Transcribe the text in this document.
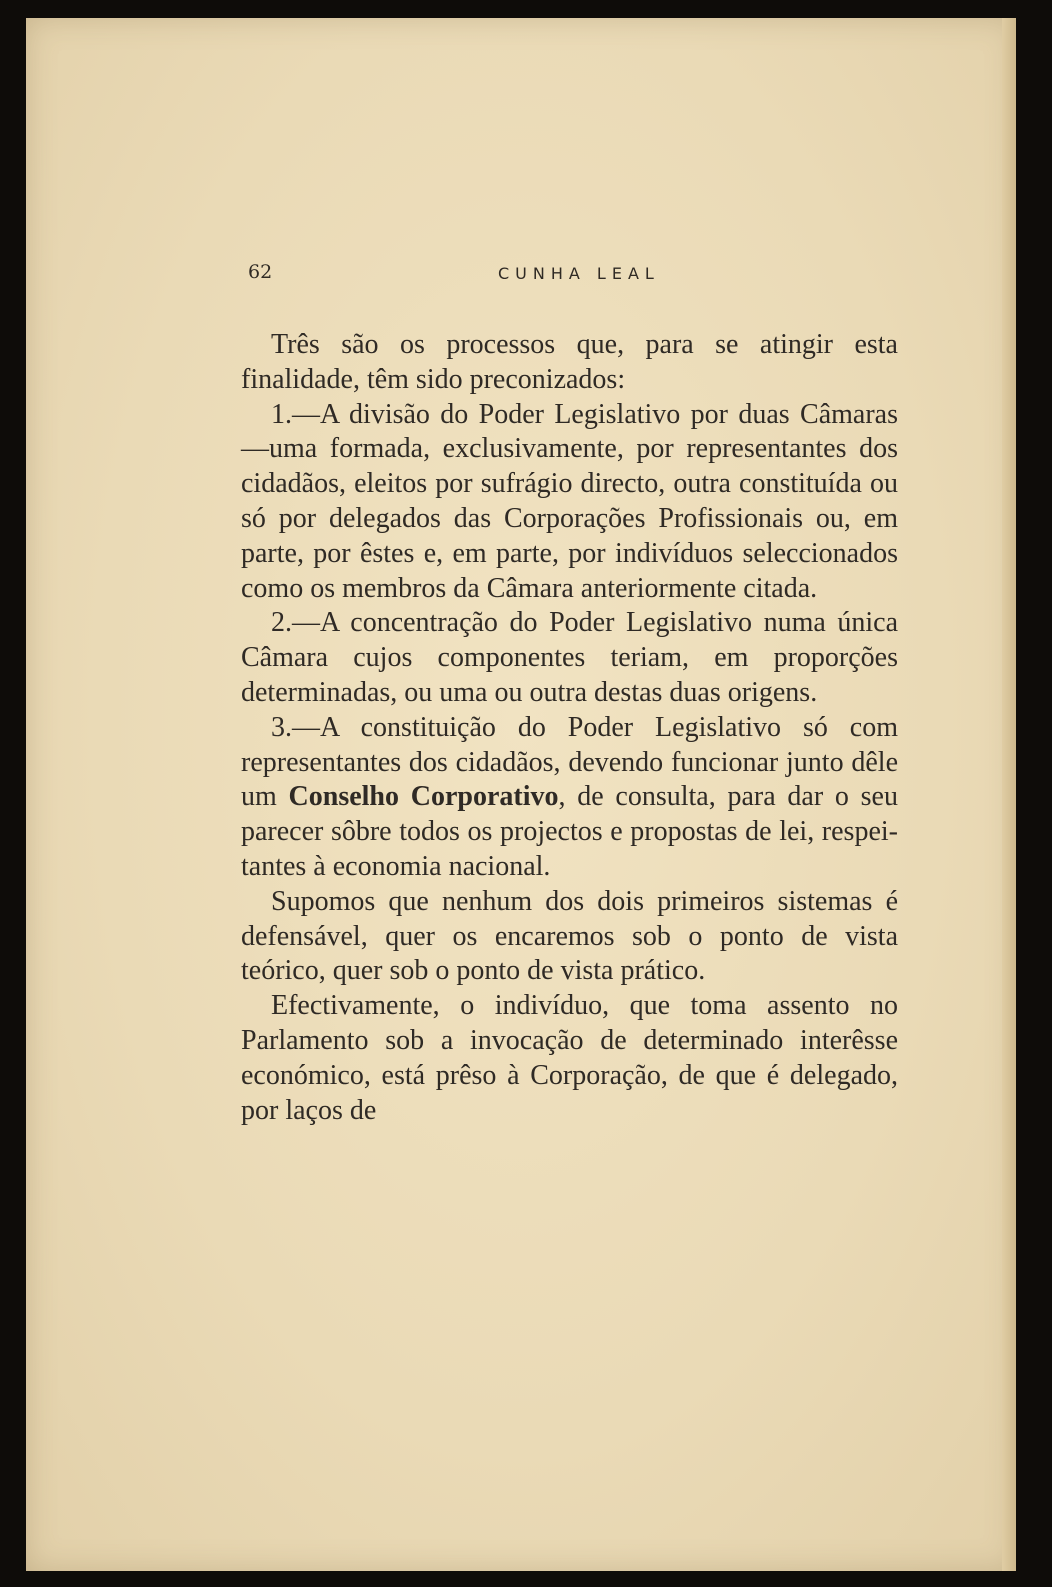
62	CUNHA LEAL

Três são os processos que, para se atingir esta finalidade, têm sido preconizados:

1.—A divisão do Poder Legislativo por duas Câmaras—uma formada, exclusivamente, por representantes dos cidadãos, eleitos por sufrágio directo, outra constituída ou só por delegados das Corporações Profissionais ou, em parte, por êstes e, em parte, por indivíduos seleccionados como os membros da Câmara anteriormente citada.

2.—A concentração do Poder Legislativo numa única Câmara cujos componentes teriam, em proporções determinadas, ou uma ou outra destas duas origens.

3.—A constituição do Poder Legislativo só com representantes dos cidadãos, devendo funcionar junto dêle um Conselho Corporativo, de consulta, para dar o seu parecer sôbre todos os projectos e propostas de lei, respeitantes à economia nacional.

Supomos que nenhum dos dois primeiros sistemas é defensável, quer os encaremos sob o ponto de vista teórico, quer sob o ponto de vista prático.

Efectivamente, o indivíduo, que toma assento no Parlamento sob a invocação de determinado interêsse económico, está prêso à Corporação, de que é delegado, por laços de
